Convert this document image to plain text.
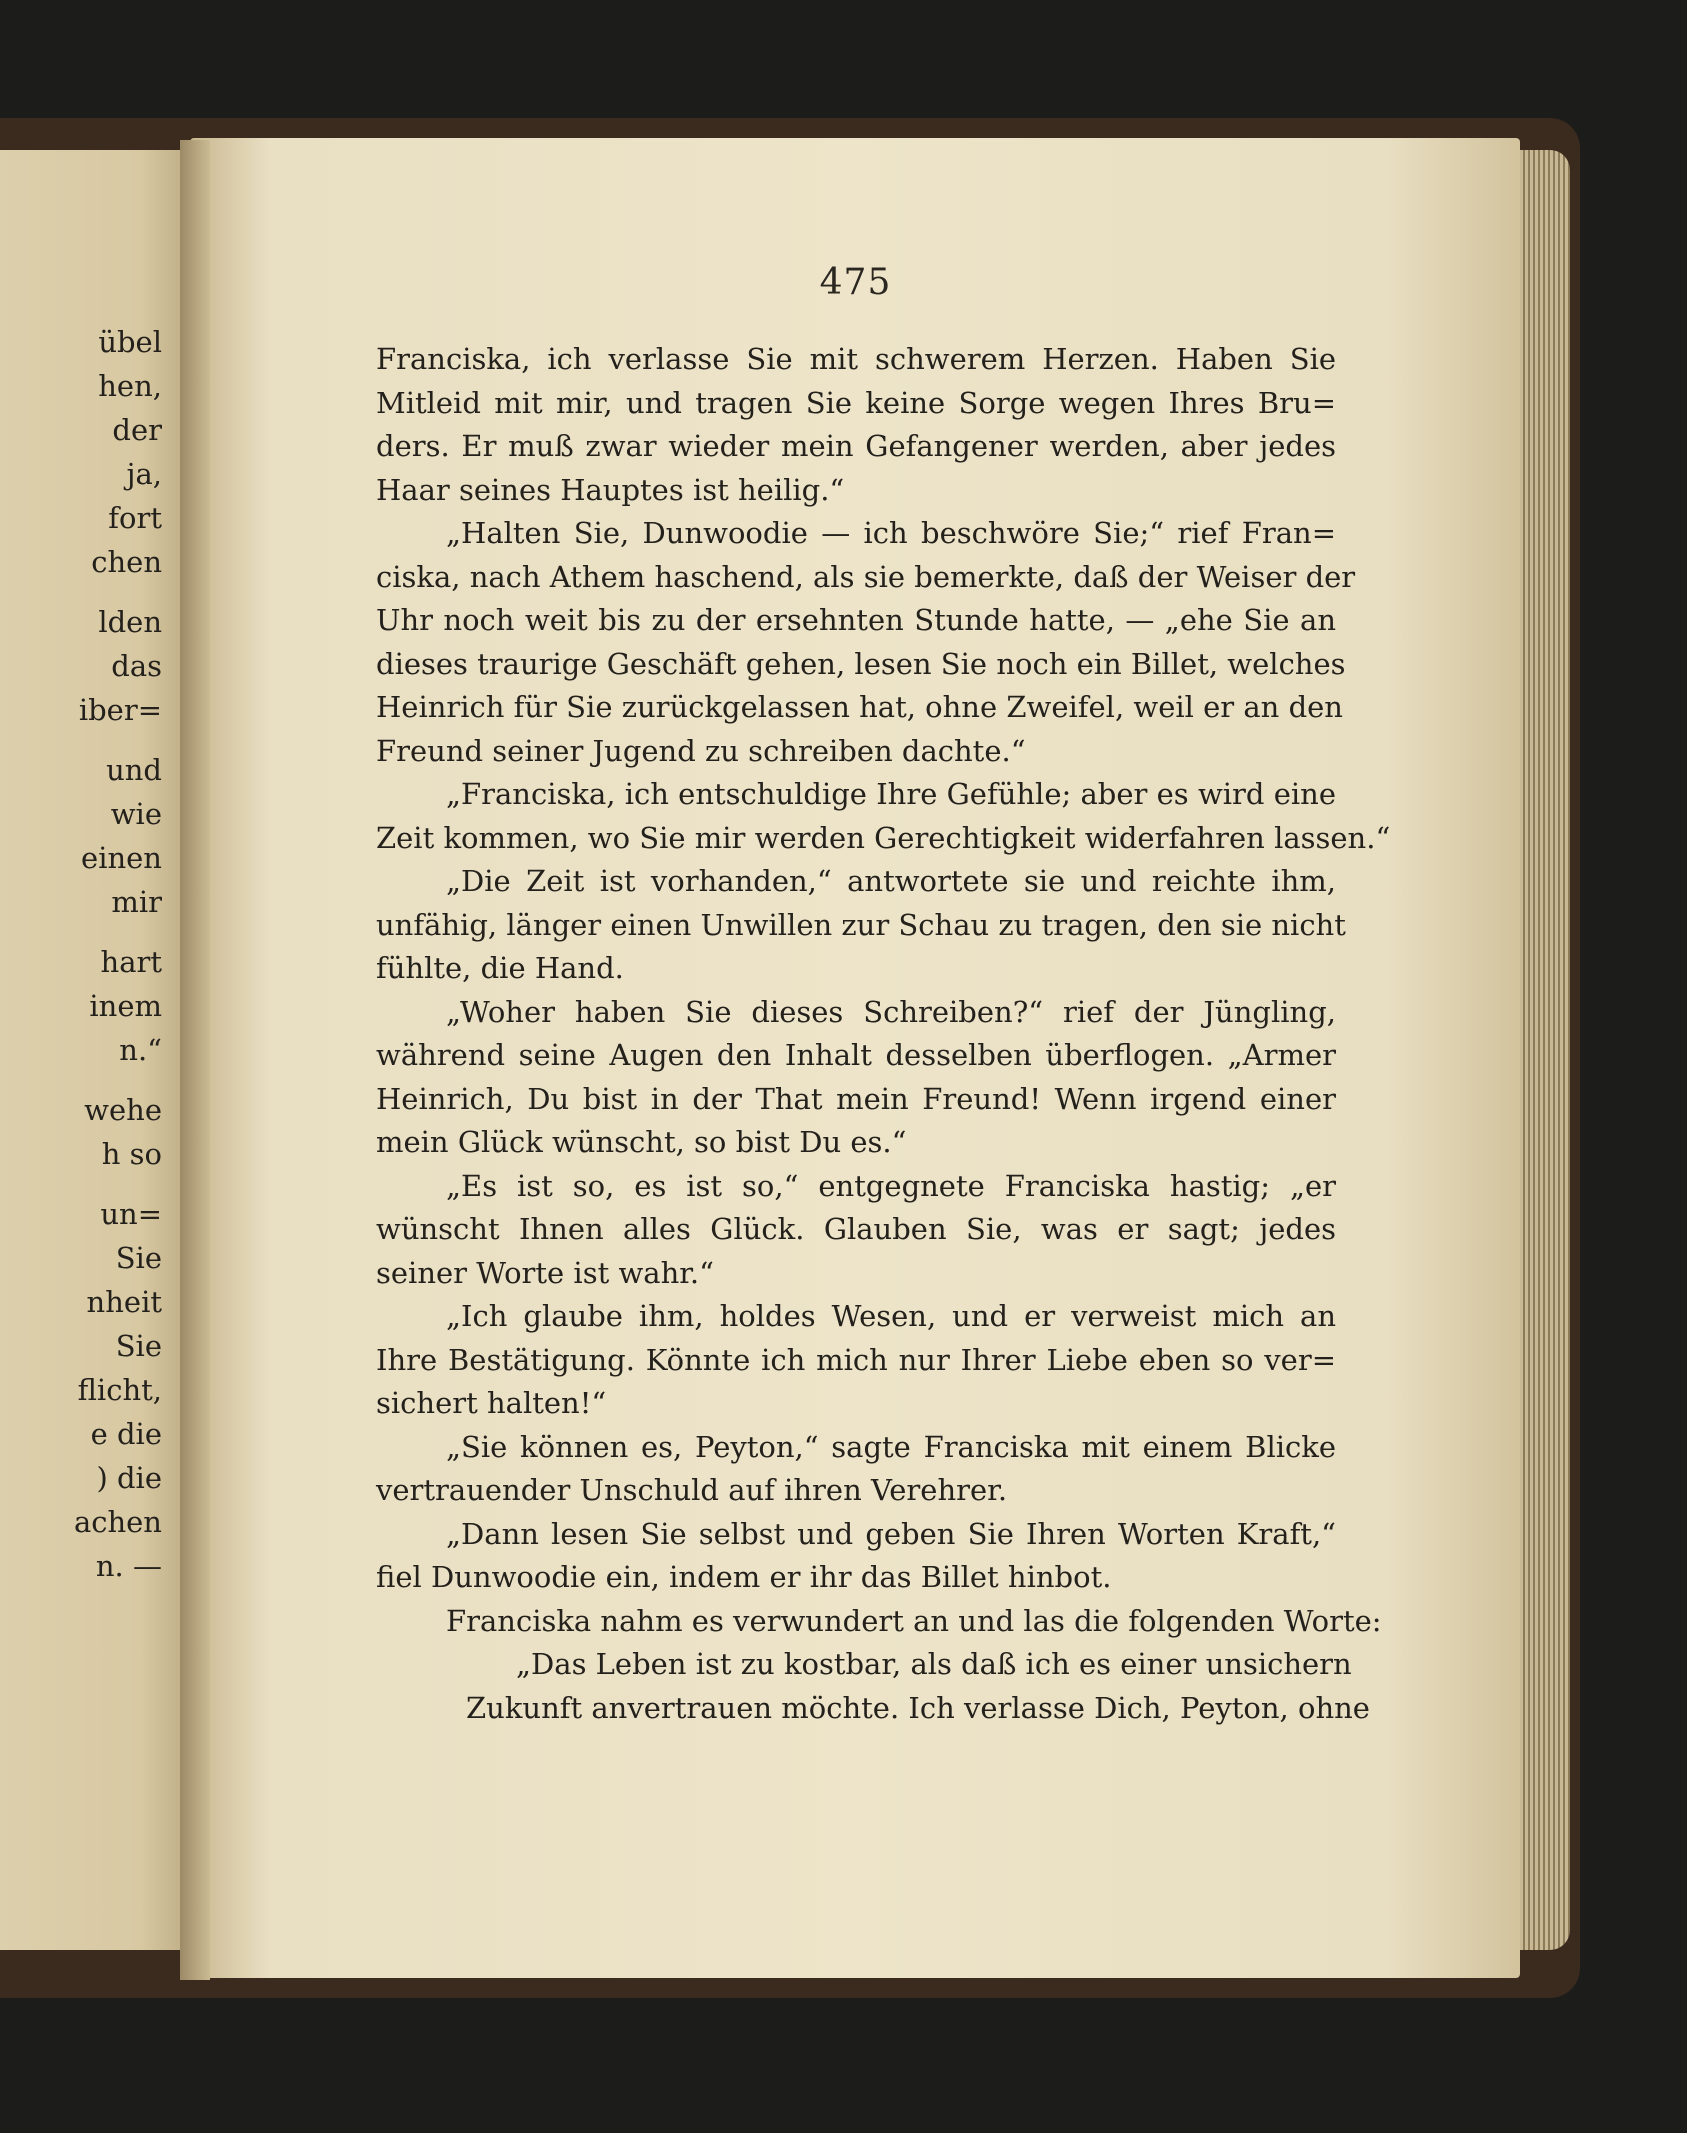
übel
hen,
der
ja,
fort
chen

lden
das
iber=

und
wie
einen
mir

hart
inem
n.“

wehe
h so

un=
Sie
nheit
Sie
flicht,
e die
) die
achen
n. —
475
Franciska, ich verlasse Sie mit schwerem Herzen. Haben Sie
Mitleid mit mir, und tragen Sie keine Sorge wegen Ihres Bru=
ders. Er muß zwar wieder mein Gefangener werden, aber jedes
Haar seines Hauptes ist heilig.“
„Halten Sie, Dunwoodie — ich beschwöre Sie;“ rief Fran=
ciska, nach Athem haschend, als sie bemerkte, daß der Weiser der
Uhr noch weit bis zu der ersehnten Stunde hatte, — „ehe Sie an
dieses traurige Geschäft gehen, lesen Sie noch ein Billet, welches
Heinrich für Sie zurückgelassen hat, ohne Zweifel, weil er an den
Freund seiner Jugend zu schreiben dachte.“
„Franciska, ich entschuldige Ihre Gefühle; aber es wird eine
Zeit kommen, wo Sie mir werden Gerechtigkeit widerfahren lassen.“
„Die Zeit ist vorhanden,“ antwortete sie und reichte ihm,
unfähig, länger einen Unwillen zur Schau zu tragen, den sie nicht
fühlte, die Hand.
„Woher haben Sie dieses Schreiben?“ rief der Jüngling,
während seine Augen den Inhalt desselben überflogen. „Armer
Heinrich, Du bist in der That mein Freund! Wenn irgend einer
mein Glück wünscht, so bist Du es.“
„Es ist so, es ist so,“ entgegnete Franciska hastig; „er
wünscht Ihnen alles Glück. Glauben Sie, was er sagt; jedes
seiner Worte ist wahr.“
„Ich glaube ihm, holdes Wesen, und er verweist mich an
Ihre Bestätigung. Könnte ich mich nur Ihrer Liebe eben so ver=
sichert halten!“
„Sie können es, Peyton,“ sagte Franciska mit einem Blicke
vertrauender Unschuld auf ihren Verehrer.
„Dann lesen Sie selbst und geben Sie Ihren Worten Kraft,“
fiel Dunwoodie ein, indem er ihr das Billet hinbot.
Franciska nahm es verwundert an und las die folgenden Worte:
„Das Leben ist zu kostbar, als daß ich es einer unsichern
Zukunft anvertrauen möchte. Ich verlasse Dich, Peyton, ohne
